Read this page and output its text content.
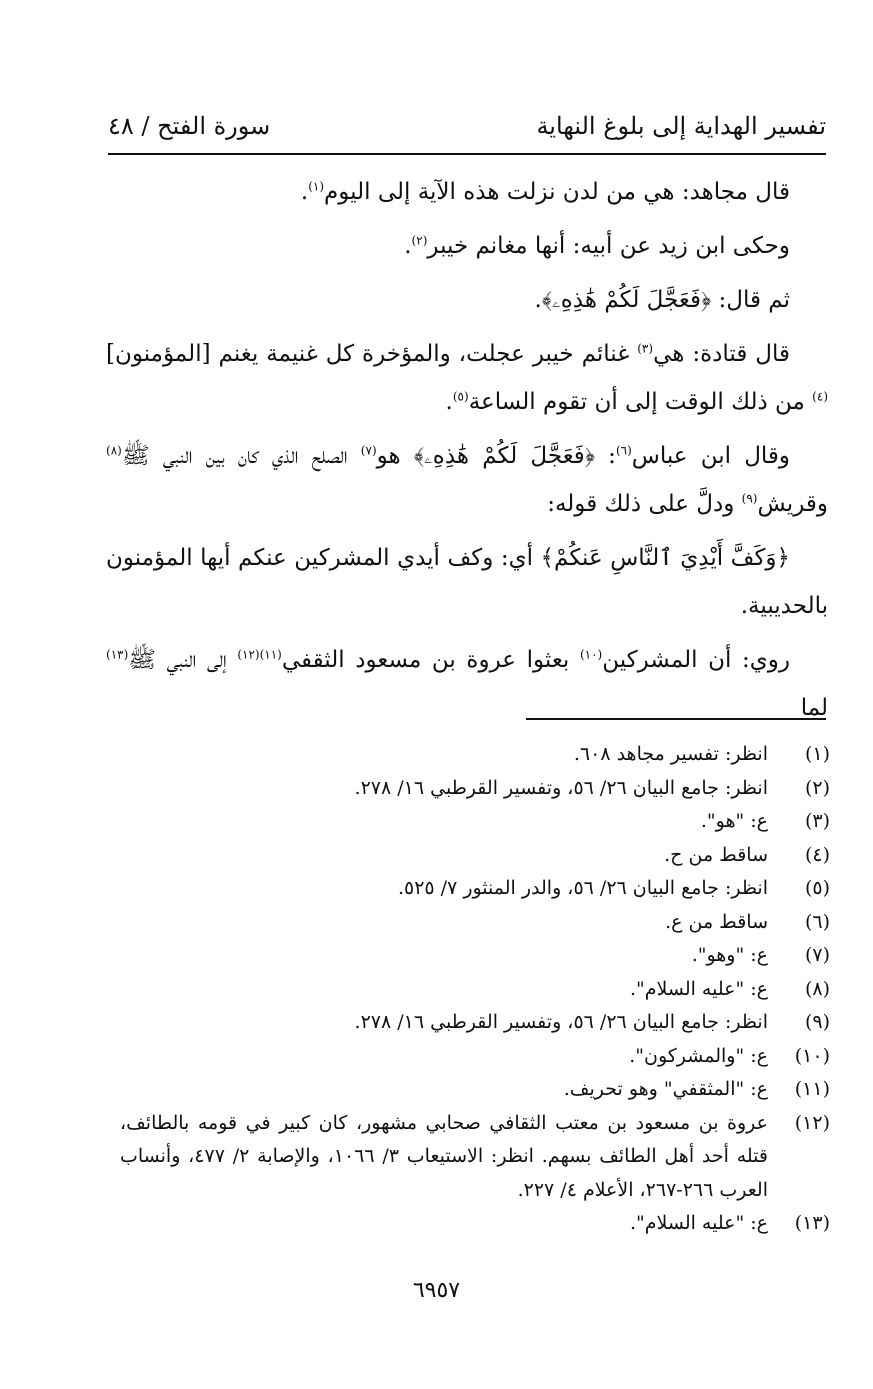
سورة الفتح / ٤٨	تفسير الهداية إلى بلوغ النهاية

قال مجاهد: هي من لدن نزلت هذه الآية إلى اليوم$^{(١)}$.

وحكى ابن زيد عن أبيه: أنها مغانم خيبر$^{(٢)}$.

ثم قال: ﴿فَعَجَّلَ لَكُمْ هَٰذِهِۦ﴾.

قال قتادة: هي$^{(٣)}$ غنائم خيبر عجلت، والمؤخرة كل غنيمة يغنم [المؤمنون]$^{(٤)}$ من ذلك الوقت إلى أن تقوم الساعة$^{(٥)}$.

وقال ابن عباس$^{(٦)}$: ﴿فَعَجَّلَ لَكُمْ هَٰذِهِۦ﴾ هو$^{(٧)}$ الصلح الذي كان بين النبي ﷺ$^{(٨)}$ وقريش$^{(٩)}$ ودلَّ على ذلك قوله:

﴿وَكَفَّ أَيْدِيَ ٱلنَّاسِ عَنكُمْ﴾ أي: وكف أيدي المشركين عنكم أيها المؤمنون بالحديبية.

روي: أن المشركين$^{(١٠)}$ بعثوا عروة بن مسعود الثقفي$^{(١١)(١٢)}$ إلى النبي ﷺ$^{(١٣)}$ لما

(١)
انظر: تفسير مجاهد ٦٠٨.
(٢)
انظر: جامع البيان ٢٦/ ٥٦، وتفسير القرطبي ١٦/ ٢٧٨.
(٣)
ع: "هو".
(٤)
ساقط من ح.
(٥)
انظر: جامع البيان ٢٦/ ٥٦، والدر المنثور ٧/ ٥٢٥.
(٦)
ساقط من ع.
(٧)
ع: "وهو".
(٨)
ع: "عليه السلام".
(٩)
انظر: جامع البيان ٢٦/ ٥٦، وتفسير القرطبي ١٦/ ٢٧٨.
(١٠)
ع: "والمشركون".
(١١)
ع: "المثقفي" وهو تحريف.
(١٢)
عروة بن مسعود بن معتب الثقافي صحابي مشهور، كان كبير في قومه بالطائف، قتله أحد أهل الطائف بسهم. انظر: الاستيعاب ٣/ ١٠٦٦، والإصابة ٢/ ٤٧٧، وأنساب العرب ٢٦٦-٢٦٧، الأعلام ٤/ ٢٢٧.
(١٣)
ع: "عليه السلام".
٦٩٥٧
